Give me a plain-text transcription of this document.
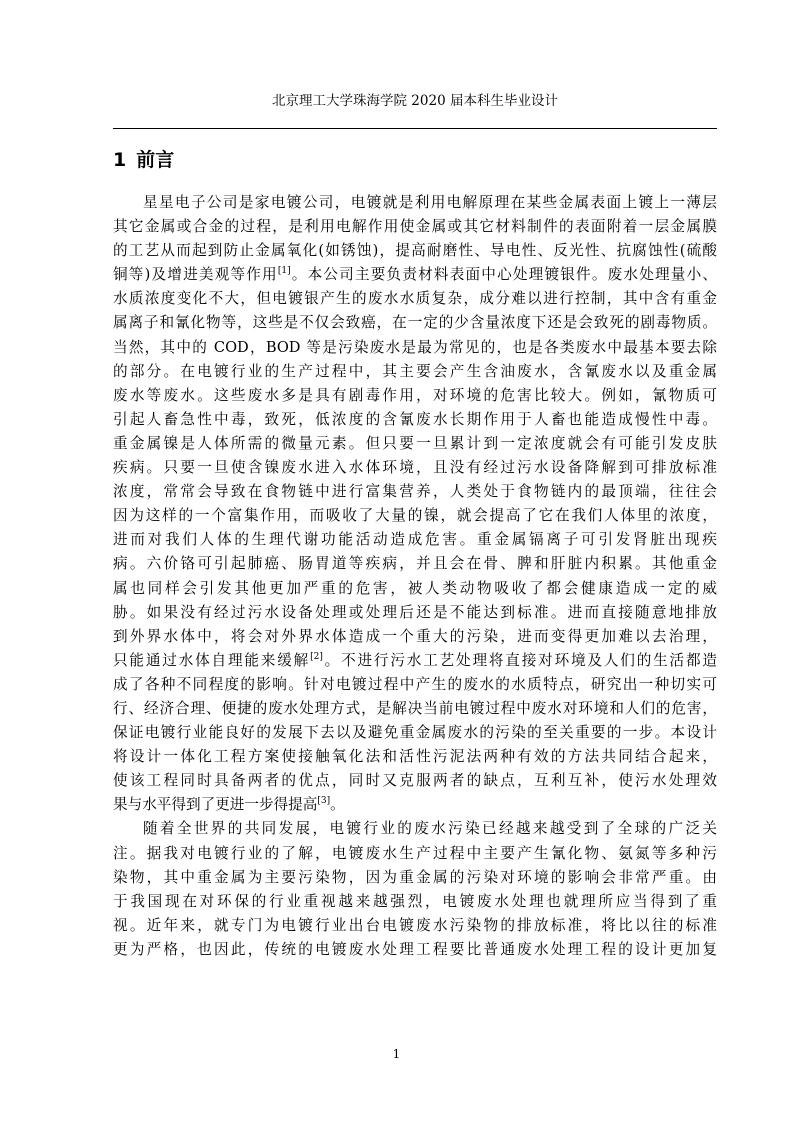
北京理工大学珠海学院 2020 届本科生毕业设计
1 前言
星星电子公司是家电镀公司，电镀就是利用电解原理在某些金属表面上镀上一薄层
其它金属或合金的过程，是利用电解作用使金属或其它材料制件的表面附着一层金属膜
的工艺从而起到防止金属氧化(如锈蚀)，提高耐磨性、导电性、反光性、抗腐蚀性(硫酸
铜等)及增进美观等作用[1]。本公司主要负责材料表面中心处理镀银件。废水处理量小、
水质浓度变化不大，但电镀银产生的废水水质复杂，成分难以进行控制，其中含有重金
属离子和氰化物等，这些是不仅会致癌，在一定的少含量浓度下还是会致死的剧毒物质。
当然，其中的 COD，BOD 等是污染废水是最为常见的，也是各类废水中最基本要去除
的部分。在电镀行业的生产过程中，其主要会产生含油废水，含氰废水以及重金属
废水等废水。这些废水多是具有剧毒作用，对环境的危害比较大。例如，氰物质可
引起人畜急性中毒，致死，低浓度的含氰废水长期作用于人畜也能造成慢性中毒。
重金属镍是人体所需的微量元素。但只要一旦累计到一定浓度就会有可能引发皮肤
疾病。只要一旦使含镍废水进入水体环境，且没有经过污水设备降解到可排放标准
浓度，常常会导致在食物链中进行富集营养，人类处于食物链内的最顶端，往往会
因为这样的一个富集作用，而吸收了大量的镍，就会提高了它在我们人体里的浓度，
进而对我们人体的生理代谢功能活动造成危害。重金属镉离子可引发肾脏出现疾
病。六价铬可引起肺癌、肠胃道等疾病，并且会在骨、脾和肝脏内积累。其他重金
属也同样会引发其他更加严重的危害，被人类动物吸收了都会健康造成一定的威
胁。如果没有经过污水设备处理或处理后还是不能达到标准。进而直接随意地排放
到外界水体中，将会对外界水体造成一个重大的污染，进而变得更加难以去治理，
只能通过水体自理能来缓解[2]。不进行污水工艺处理将直接对环境及人们的生活都造
成了各种不同程度的影响。针对电镀过程中产生的废水的水质特点，研究出一种切实可
行、经济合理、便捷的废水处理方式，是解决当前电镀过程中废水对环境和人们的危害，
保证电镀行业能良好的发展下去以及避免重金属废水的污染的至关重要的一步。本设计
将设计一体化工程方案使接触氧化法和活性污泥法两种有效的方法共同结合起来，
使该工程同时具备两者的优点，同时又克服两者的缺点，互利互补，使污水处理效
果与水平得到了更进一步得提高[3]。
随着全世界的共同发展，电镀行业的废水污染已经越来越受到了全球的广泛关
注。据我对电镀行业的了解，电镀废水生产过程中主要产生氰化物、氨氮等多种污
染物，其中重金属为主要污染物，因为重金属的污染对环境的影响会非常严重。由
于我国现在对环保的行业重视越来越强烈，电镀废水处理也就理所应当得到了重
视。近年来，就专门为电镀行业出台电镀废水污染物的排放标准，将比以往的标准
更为严格，也因此，传统的电镀废水处理工程要比普通废水处理工程的设计更加复
1
